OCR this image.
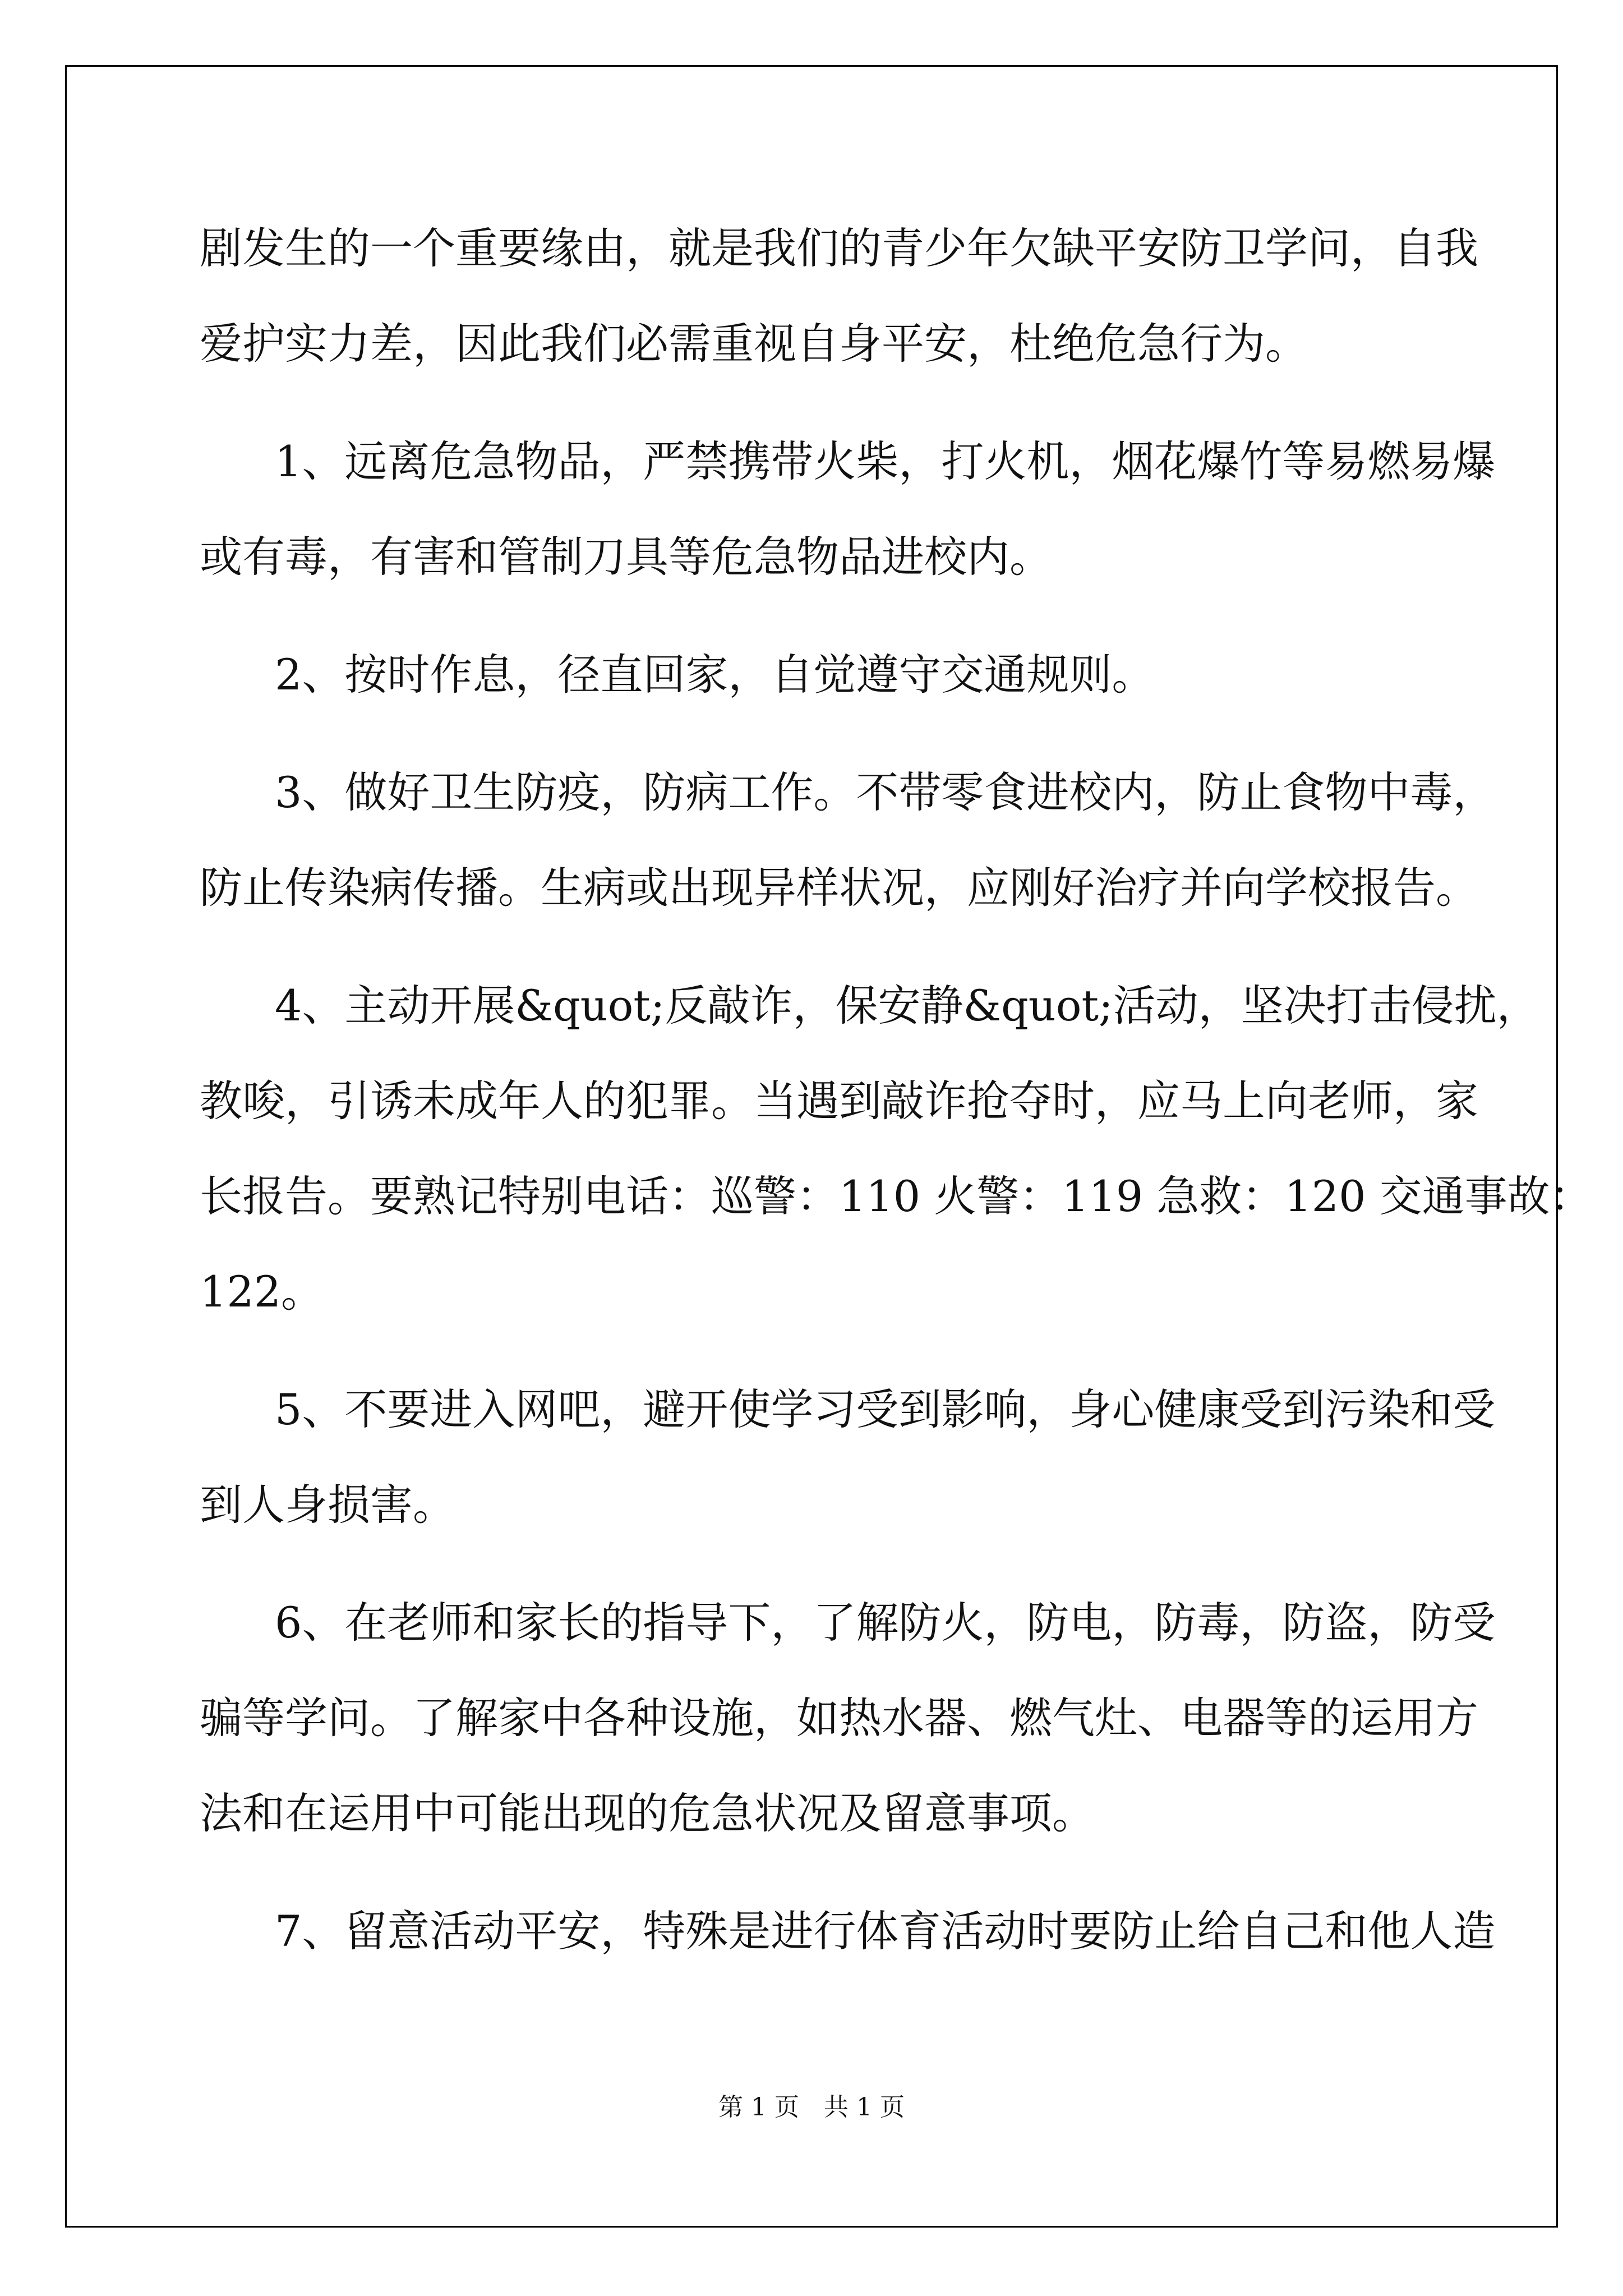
剧发生的一个重要缘由，就是我们的青少年欠缺平安防卫学问，自我

爱护实力差，因此我们必需重视自身平安，杜绝危急行为。

1、远离危急物品，严禁携带火柴，打火机，烟花爆竹等易燃易爆

或有毒，有害和管制刀具等危急物品进校内。

2、按时作息，径直回家，自觉遵守交通规则。

3、做好卫生防疫，防病工作。不带零食进校内，防止食物中毒，

防止传染病传播。生病或出现异样状况，应刚好治疗并向学校报告。

4、主动开展&quot;反敲诈，保安静&quot;活动，坚决打击侵扰，

教唆，引诱未成年人的犯罪。当遇到敲诈抢夺时，应马上向老师，家

长报告。要熟记特别电话：巡警：110 火警：119 急救：120 交通事故：

122。

5、不要进入网吧，避开使学习受到影响，身心健康受到污染和受

到人身损害。

6、在老师和家长的指导下，了解防火，防电，防毒，防盗，防受

骗等学问。了解家中各种设施，如热水器、燃气灶、电器等的运用方

法和在运用中可能出现的危急状况及留意事项。

7、留意活动平安，特殊是进行体育活动时要防止给自己和他人造

第 1 页　共 1 页
